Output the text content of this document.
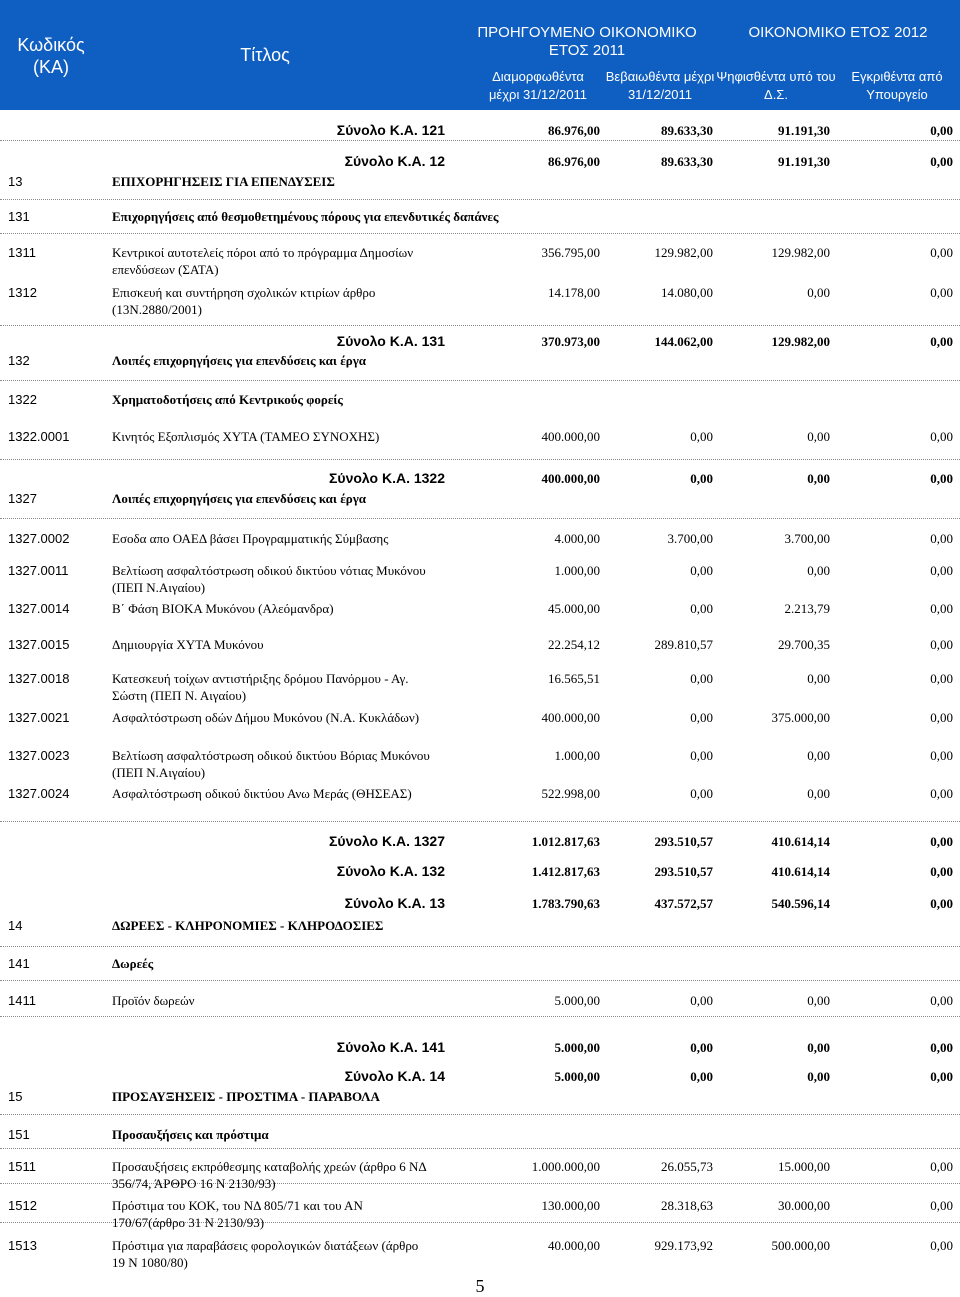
Κωδικός (ΚΑ)
Τίτλος
ΠΡΟΗΓΟΥΜΕΝΟ ΟΙΚΟΝΟΜΙΚΟ ΕΤΟΣ 2011
ΟΙΚΟΝΟΜΙΚΟ ΕΤΟΣ 2012
Διαμορφωθέντα μέχρι 31/12/2011
Βεβαιωθέντα μέχρι 31/12/2011
Ψηφισθέντα υπό του Δ.Σ.
Εγκριθέντα από Υπουργείο
Σύνολο Κ.Α. 121	86.976,00	89.633,30	91.191,30	0,00
Σύνολο Κ.Α. 12	86.976,00	89.633,30	91.191,30	0,00
13	ΕΠΙΧΟΡΗΓΗΣΕΙΣ ΓΙΑ ΕΠΕΝΔΥΣΕΙΣ
131	Επιχορηγήσεις από θεσμοθετημένους πόρους για επενδυτικές δαπάνες
1311	Κεντρικοί αυτοτελείς πόροι από το πρόγραμμα Δημοσίων επενδύσεων (ΣΑΤΑ)
356.795,00	129.982,00	129.982,00	0,00
1312	Επισκευή και συντήρηση σχολικών κτιρίων άρθρο (13Ν.2880/2001)
14.178,00	14.080,00	0,00	0,00
Σύνολο Κ.Α. 131	370.973,00	144.062,00	129.982,00	0,00
132	Λοιπές επιχορηγήσεις για επενδύσεις και έργα
1322	Χρηματοδοτήσεις από Κεντρικούς φορείς
1322.0001	Κινητός Εξοπλισμός ΧΥΤΑ (ΤΑΜΕΟ ΣΥΝΟΧΗΣ)	400.000,00	0,00	0,00	0,00
Σύνολο Κ.Α. 1322	400.000,00	0,00	0,00	0,00
1327	Λοιπές επιχορηγήσεις για επενδύσεις και έργα
1327.0002	Εσοδα απο ΟΑΕΔ βάσει Προγραμματικής Σύμβασης	4.000,00	3.700,00	3.700,00	0,00
1327.0011	Βελτίωση ασφαλτόστρωση οδικού δικτύου νότιας Μυκόνου (ΠΕΠ Ν.Αιγαίου)
1.000,00	0,00	0,00	0,00
1327.0014	Β΄ Φάση ΒΙΟΚΑ Μυκόνου (Αλεόμανδρα)	45.000,00	0,00	2.213,79	0,00
1327.0015	Δημιουργία ΧΥΤΑ Μυκόνου	22.254,12	289.810,57	29.700,35	0,00
1327.0018	Κατεσκευή τοίχων αντιστήριξης δρόμου Πανόρμου - Αγ. Σώστη (ΠΕΠ Ν. Αιγαίου)
16.565,51	0,00	0,00	0,00
1327.0021	Ασφαλτόστρωση οδών Δήμου Μυκόνου (Ν.Α. Κυκλάδων)	400.000,00	0,00	375.000,00	0,00
1327.0023	Βελτίωση ασφαλτόστρωση οδικού δικτύου Βόριας Μυκόνου (ΠΕΠ Ν.Αιγαίου)
1.000,00	0,00	0,00	0,00
1327.0024	Ασφαλτόστρωση οδικού δικτύου Ανω Μεράς (ΘΗΣΕΑΣ)	522.998,00	0,00	0,00	0,00
Σύνολο Κ.Α. 1327	1.012.817,63	293.510,57	410.614,14	0,00
Σύνολο Κ.Α. 132	1.412.817,63	293.510,57	410.614,14	0,00
Σύνολο Κ.Α. 13	1.783.790,63	437.572,57	540.596,14	0,00
14	ΔΩΡΕΕΣ - ΚΛΗΡΟΝΟΜΙΕΣ - ΚΛΗΡΟΔΟΣΙΕΣ
141	Δωρεές
1411	Προϊόν δωρεών	5.000,00	0,00	0,00	0,00
Σύνολο Κ.Α. 141	5.000,00	0,00	0,00	0,00
Σύνολο Κ.Α. 14	5.000,00	0,00	0,00	0,00
15	ΠΡΟΣΑΥΞΗΣΕΙΣ - ΠΡΟΣΤΙΜΑ - ΠΑΡΑΒΟΛΑ
151	Προσαυξήσεις και πρόστιμα
1511	Προσαυξήσεις εκπρόθεσμης καταβολής χρεών (άρθρο 6 ΝΔ 356/74, ΆΡΘΡΟ 16 Ν 2130/93)
1.000.000,00	26.055,73	15.000,00	0,00
1512	Πρόστιμα του ΚΟΚ, του ΝΔ 805/71 και του ΑΝ 170/67(άρθρο 31 Ν 2130/93)
130.000,00	28.318,63	30.000,00	0,00
1513	Πρόστιμα για παραβάσεις φορολογικών διατάξεων (άρθρο 19 Ν 1080/80)
40.000,00	929.173,92	500.000,00	0,00
5
